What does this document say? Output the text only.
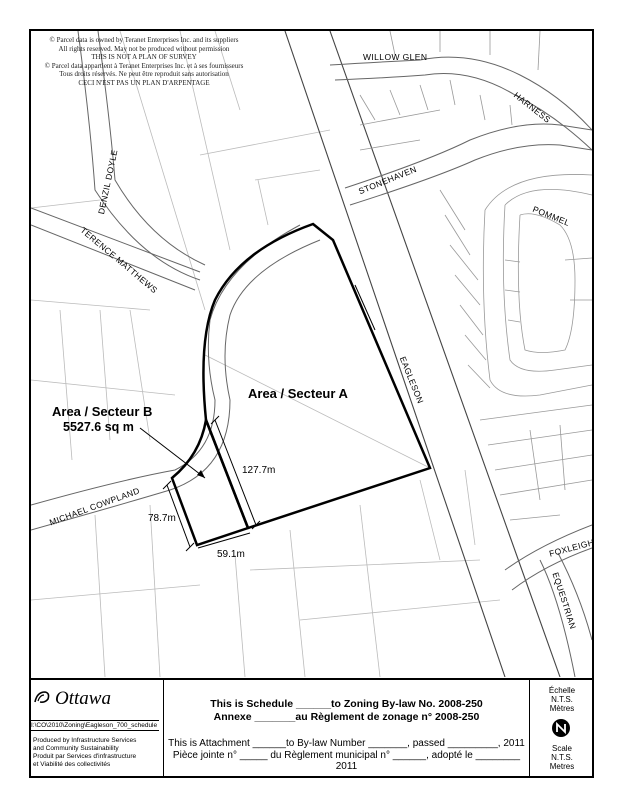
© Parcel data is owned by Teranet Enterprises Inc. and its suppliers
All rights reserved. May not be produced without permission
THIS IS NOT A PLAN OF SURVEY
© Parcel data appartient à Teranet Enterprises Inc. et à ses fournisseurs
Tous droits réservés. Ne peut être reproduit sans autorisation
CECI N'EST PAS UN PLAN D'ARPENTAGE
WILLOW GLEN
HARNESS
STONEHAVEN
POMMEL
DENZIL DOYLE
TERENCE MATTHEWS
EAGLESON
MICHAEL COWPLAND
FOXLEIGH
EQUESTRIAN
Area / Secteur A
Area / Secteur B
5527.6 sq m
127.7m
78.7m
59.1m
Ottawa
I:\CO\2010\Zoning\Eagleson_700_schedule
Produced by Infrastructure Services
and Community Sustainability
Produit par Services d'infrastructure
et Viabilité des collectivités
This is Schedule ______to Zoning By-law No. 2008-250
Annexe _______au Règlement de zonage n° 2008-250
This is Attachment ______to By-law Number _______, passed _________, 2011
Pièce jointe n° _____ du Règlement municipal n° ______, adopté le ________ 2011
Échelle
N.T.S.
Mètres
Scale
N.T.S.
Metres
